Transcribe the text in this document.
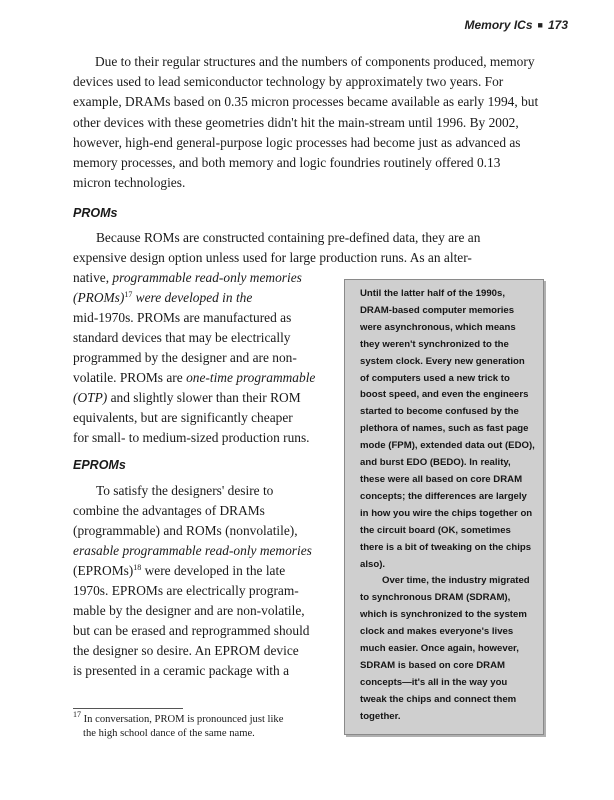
Memory ICs ■ 173

Due to their regular structures and the numbers of components produced, memory devices used to lead semiconductor technology by approximately two years. For example, DRAMs based on 0.35 micron processes became available as early 1994, but other devices with these geometries didn't hit the main-stream until 1996. By 2002, however, high-end general-purpose logic processes had become just as advanced as memory processes, and both memory and logic foundries routinely offered 0.13 micron technologies.

PROMs

Because ROMs are constructed containing pre-defined data, they are an

expensive design option unless used for large production runs. As an alter-

native, programmable read-only memories

(PROMs)$^{17}$ were developed in the

mid-1970s. PROMs are manufactured as

standard devices that may be electrically

programmed by the designer and are non-

volatile. PROMs are one-time programmable

(OTP) and slightly slower than their ROM

equivalents, but are significantly cheaper

for small- to medium-sized production runs.

EPROMs

To satisfy the designers' desire to

combine the advantages of DRAMs

(programmable) and ROMs (nonvolatile),

erasable programmable read-only memories

(EPROMs)$^{18}$ were developed in the late

1970s. EPROMs are electrically program-

mable by the designer and are non-volatile,

but can be erased and reprogrammed should

the designer so desire. An EPROM device

is presented in a ceramic package with a

Until the latter half of the 1990s, DRAM-based computer memories were asynchronous, which means they weren't synchronized to the system clock. Every new generation of computers used a new trick to boost speed, and even the engineers started to become confused by the plethora of names, such as fast page mode (FPM), extended data out (EDO), and burst EDO (BEDO). In reality, these were all based on core DRAM concepts; the differences are largely in how you wire the chips together on the circuit board (OK, sometimes there is a bit of tweaking on the chips also).
Over time, the industry migrated to synchronous DRAM (SDRAM), which is synchronized to the system clock and makes everyone's lives much easier. Once again, however, SDRAM is based on core DRAM concepts—it's all in the way you tweak the chips and connect them together.

$^{17}$ In conversation, PROM is pronounced just like
the high school dance of the same name.
